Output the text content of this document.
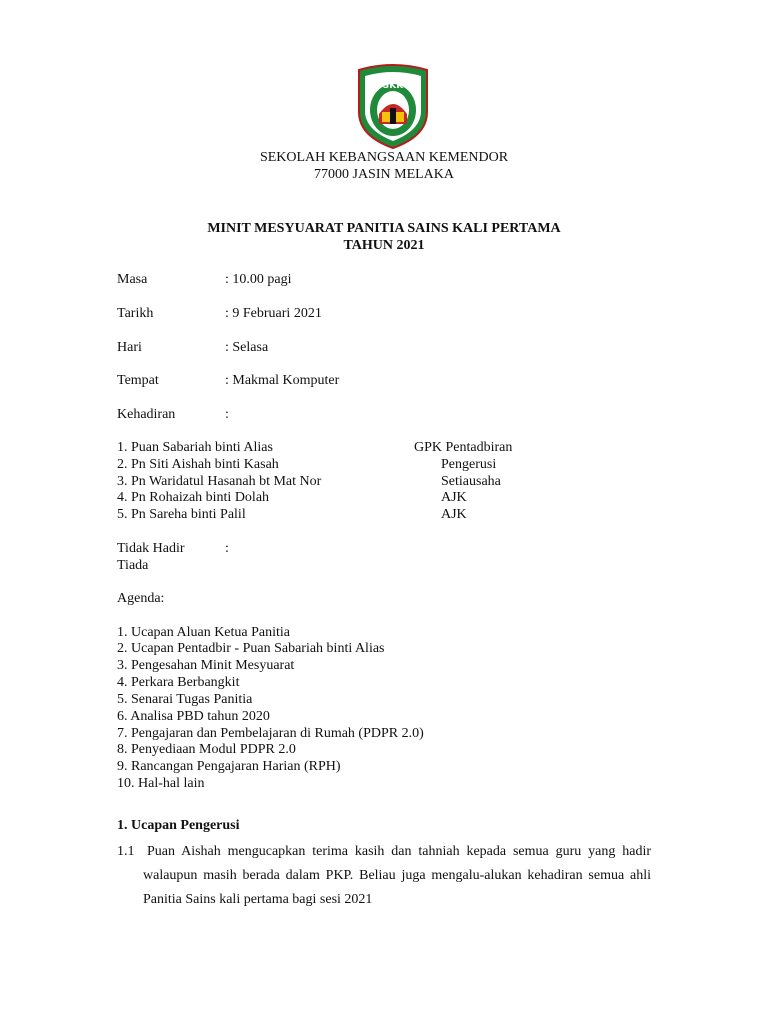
SKK
SEKOLAH KEBANGSAAN KEMENDOR
77000 JASIN MELAKA
MINIT MESYUARAT PANITIA SAINS KALI PERTAMA
TAHUN 2021
Masa	: 10.00 pagi
Tarikh	: 9 Februari 2021
Hari	: Selasa
Tempat	: Makmal Komputer
Kehadiran	:
1. Puan Sabariah binti Alias	GPK Pentadbiran
2. Pn Siti Aishah binti Kasah	Pengerusi
3. Pn Waridatul Hasanah bt Mat Nor	Setiausaha
4. Pn Rohaizah binti Dolah	AJK
5. Pn Sareha binti Palil	AJK
Tidak Hadir	:
Tiada
Agenda:
1. Ucapan Aluan Ketua Panitia
2. Ucapan Pentadbir - Puan Sabariah binti Alias
3. Pengesahan Minit Mesyuarat
4. Perkara Berbangkit
5. Senarai Tugas Panitia
6. Analisa PBD tahun 2020
7. Pengajaran dan Pembelajaran di Rumah (PDPR 2.0)
8. Penyediaan Modul PDPR 2.0
9. Rancangan Pengajaran Harian (RPH)
10. Hal-hal lain
1. Ucapan Pengerusi
1.1 Puan Aishah mengucapkan terima kasih dan tahniah kepada semua guru yang hadir walaupun masih berada dalam PKP. Beliau juga mengalu-alukan kehadiran semua ahli Panitia Sains kali pertama bagi sesi 2021
